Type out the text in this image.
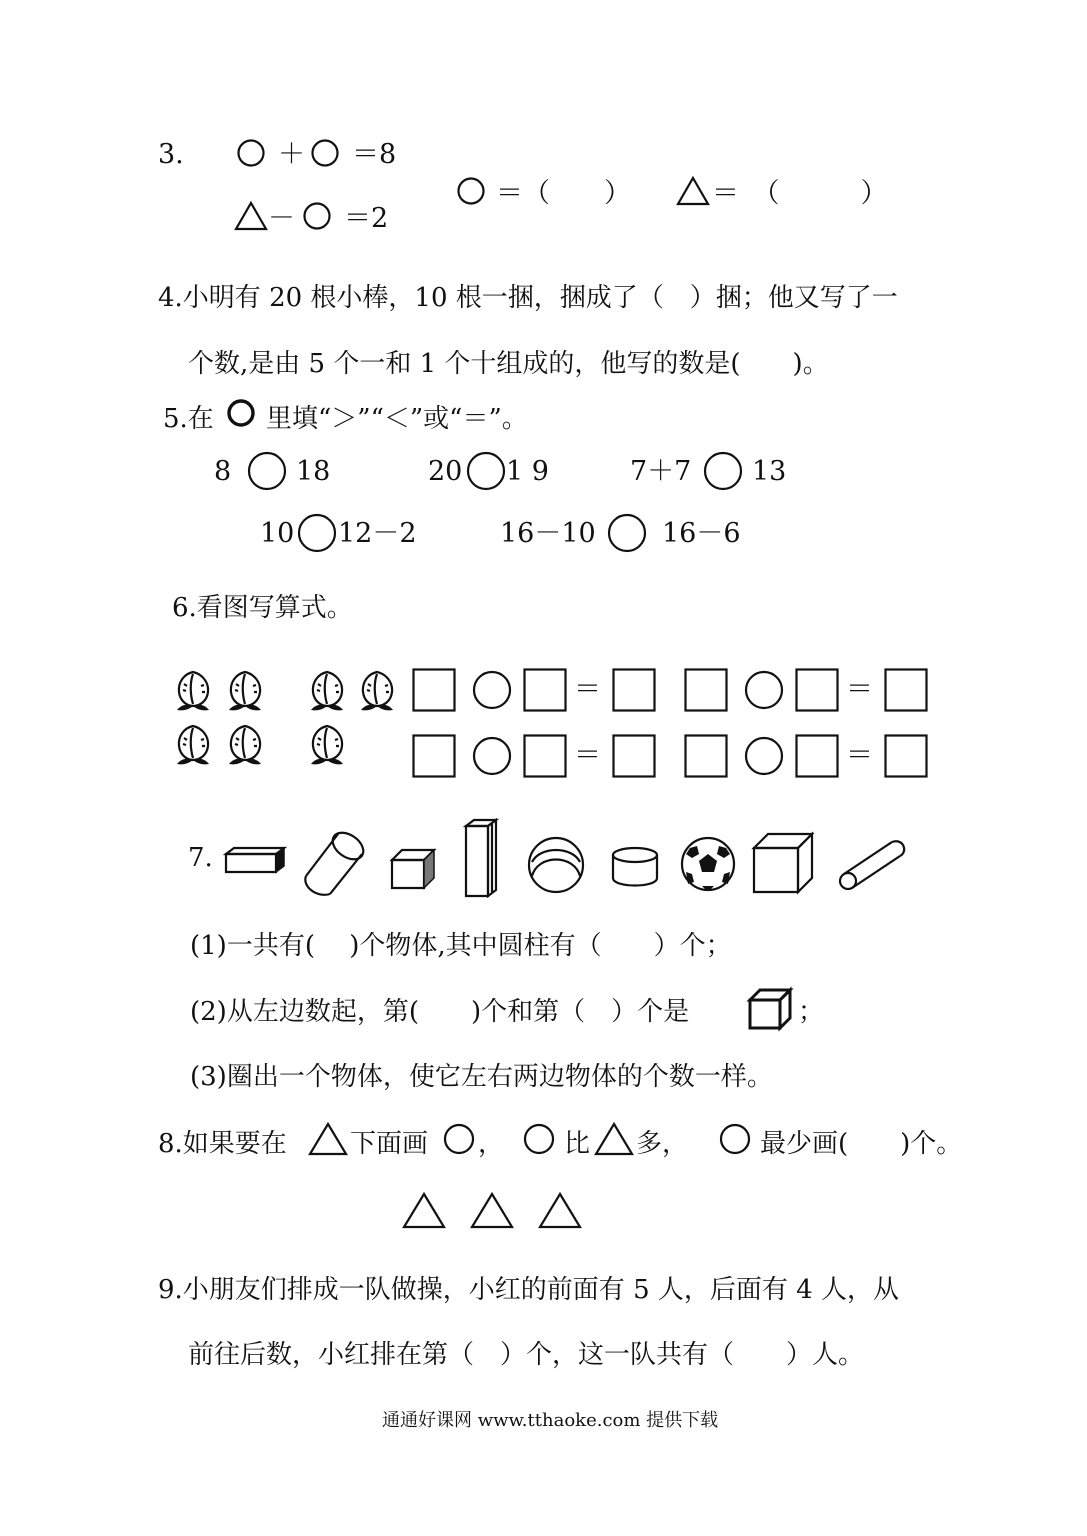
3.	＋ ＝8
－ ＝2
＝（　　）	＝　（　　　）
4.小明有 20 根小棒，10 根一捆，捆成了（　）捆；他又写了一
个数,是由 5 个一和 1 个十组成的，他写的数是(　　)。
5.在 里填“＞”“＜”或“＝”。
8 18	20 1 9	7＋7 13
10 12－2	16－10 16－6
6.看图写算式。
＝	＝
＝	＝
7.
(1)一共有(　 )个物体,其中圆柱有（　　）个；
(2)从左边数起，第(　　)个和第（　）个是	；
(3)圈出一个物体，使它左右两边物体的个数一样。
8.如果要在 下面画 ， 比 多，	最少画(　　)个。
9.小朋友们排成一队做操，小红的前面有 5 人，后面有 4 人，从
前往后数，小红排在第（　）个，这一队共有（　　）人。
通通好课网 www.tthaoke.com 提供下载
